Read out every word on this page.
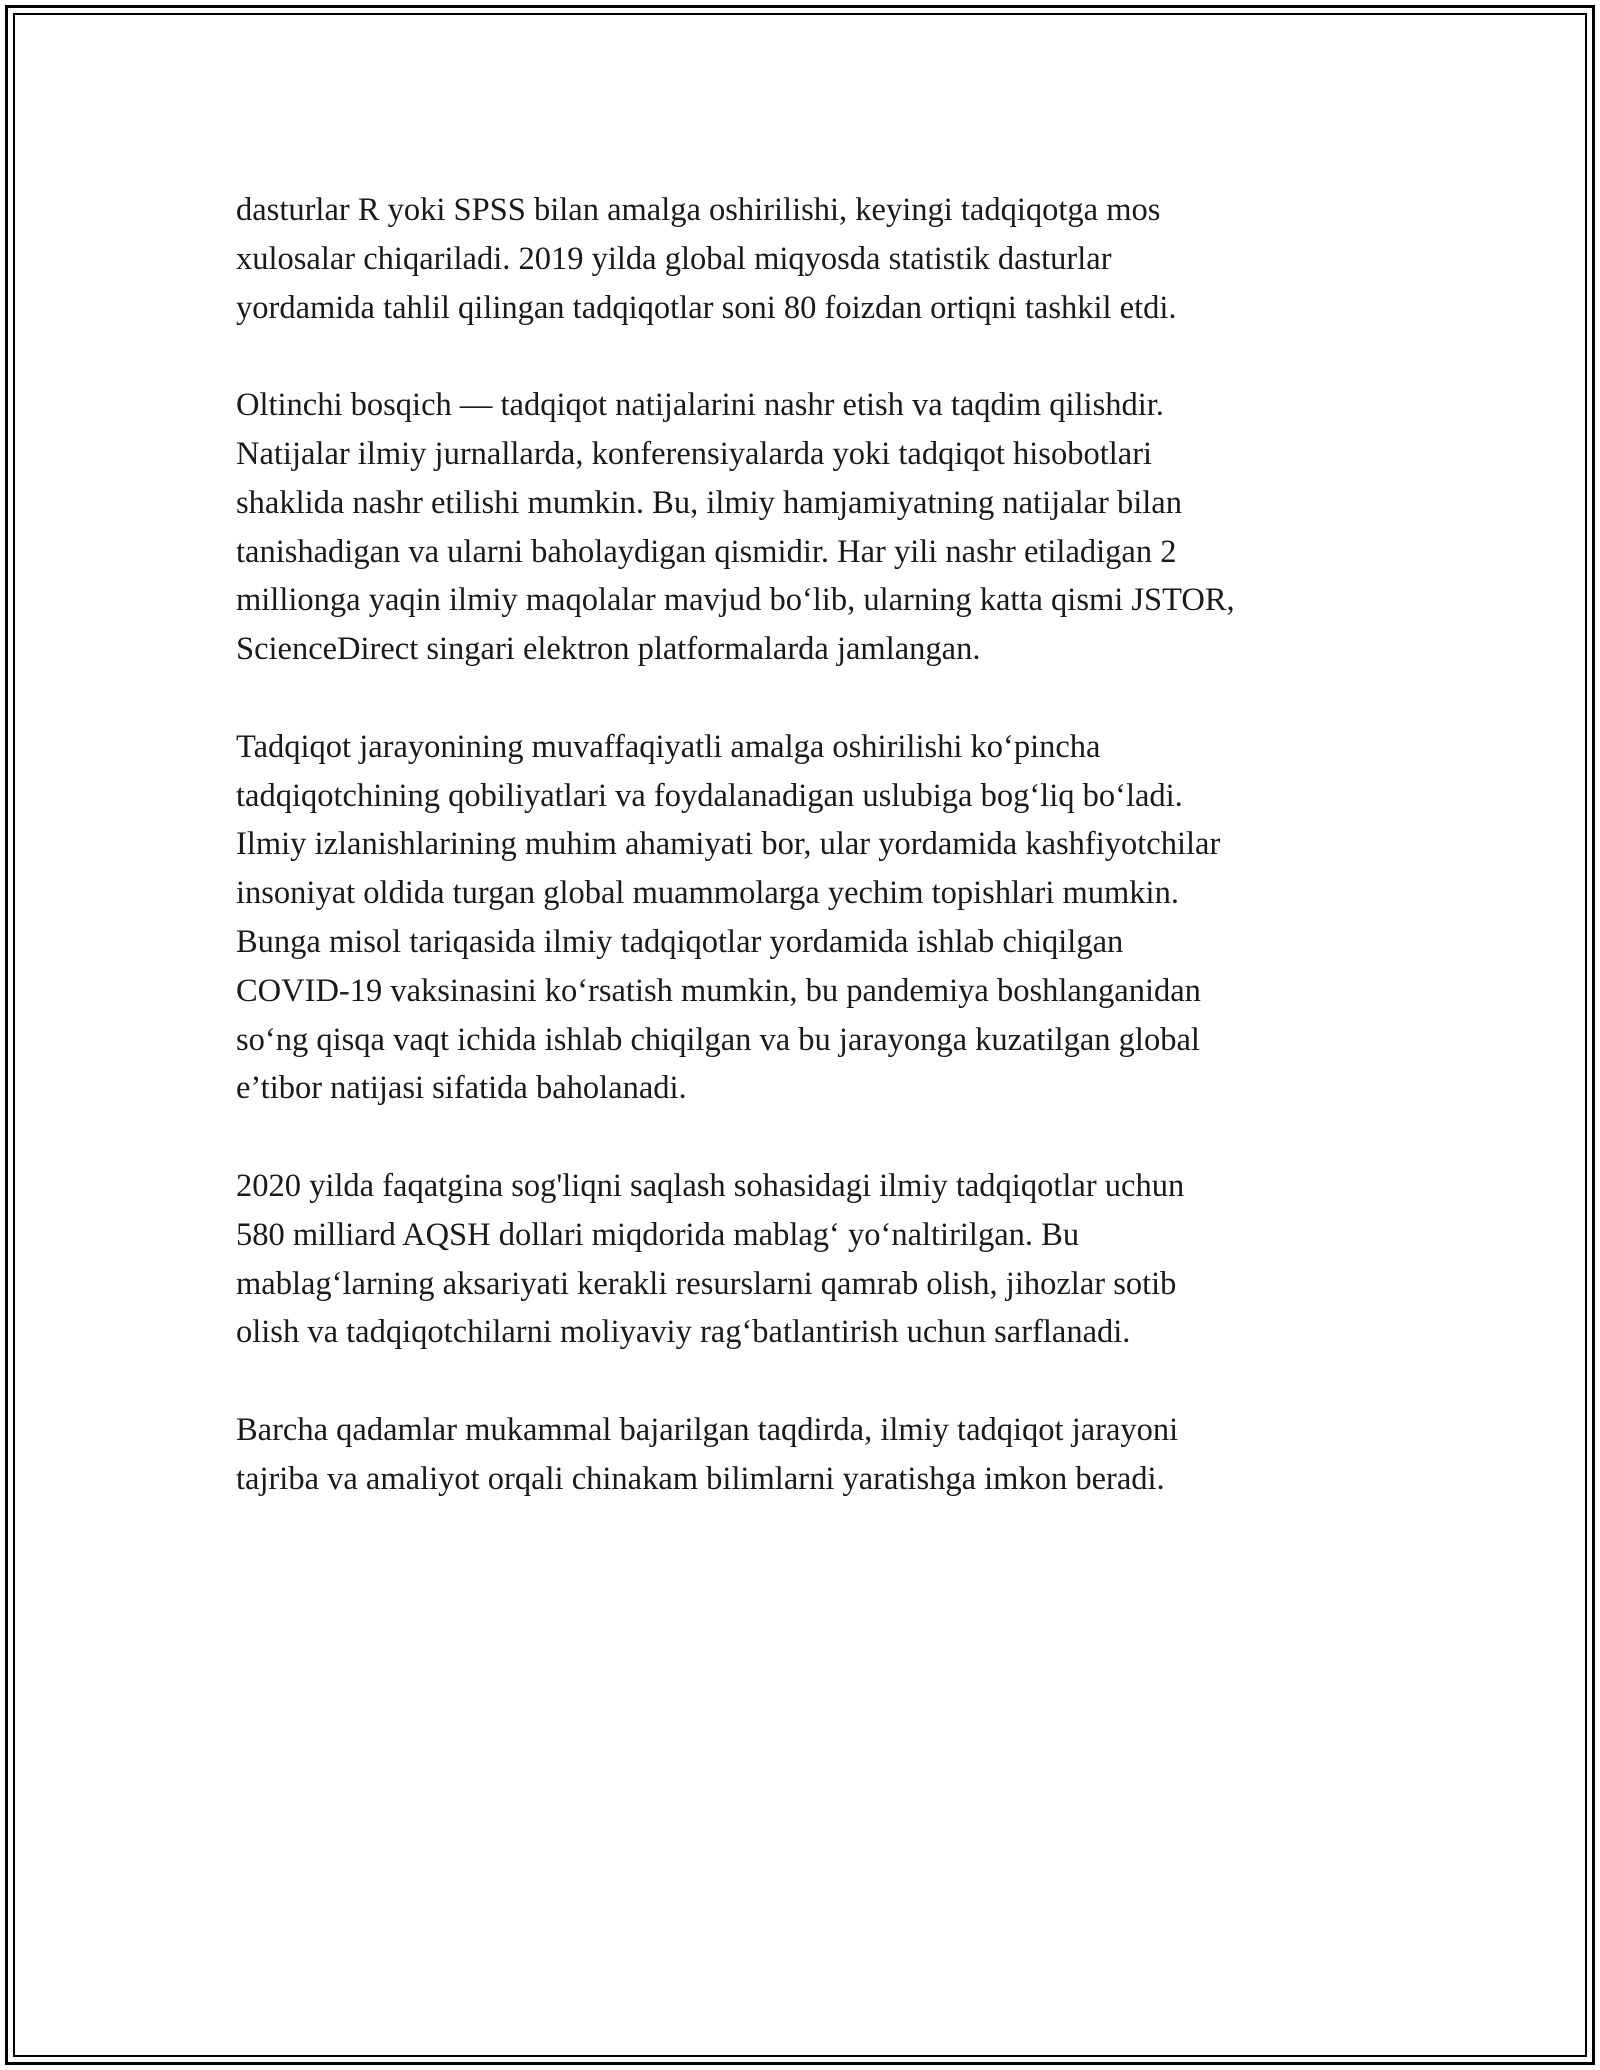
dasturlar R yoki SPSS bilan amalga oshirilishi, keyingi tadqiqotga mos
xulosalar chiqariladi. 2019 yilda global miqyosda statistik dasturlar
yordamida tahlil qilingan tadqiqotlar soni 80 foizdan ortiqni tashkil etdi.

Oltinchi bosqich — tadqiqot natijalarini nashr etish va taqdim qilishdir.
Natijalar ilmiy jurnallarda, konferensiyalarda yoki tadqiqot hisobotlari
shaklida nashr etilishi mumkin. Bu, ilmiy hamjamiyatning natijalar bilan
tanishadigan va ularni baholaydigan qismidir. Har yili nashr etiladigan 2
millionga yaqin ilmiy maqolalar mavjud bo‘lib, ularning katta qismi JSTOR,
ScienceDirect singari elektron platformalarda jamlangan.

Tadqiqot jarayonining muvaffaqiyatli amalga oshirilishi ko‘pincha
tadqiqotchining qobiliyatlari va foydalanadigan uslubiga bog‘liq bo‘ladi.
Ilmiy izlanishlarining muhim ahamiyati bor, ular yordamida kashfiyotchilar
insoniyat oldida turgan global muammolarga yechim topishlari mumkin.
Bunga misol tariqasida ilmiy tadqiqotlar yordamida ishlab chiqilgan
COVID-19 vaksinasini ko‘rsatish mumkin, bu pandemiya boshlanganidan
so‘ng qisqa vaqt ichida ishlab chiqilgan va bu jarayonga kuzatilgan global
e’tibor natijasi sifatida baholanadi.

2020 yilda faqatgina sog'liqni saqlash sohasidagi ilmiy tadqiqotlar uchun
580 milliard AQSH dollari miqdorida mablag‘ yo‘naltirilgan. Bu
mablag‘larning aksariyati kerakli resurslarni qamrab olish, jihozlar sotib
olish va tadqiqotchilarni moliyaviy rag‘batlantirish uchun sarflanadi.

Barcha qadamlar mukammal bajarilgan taqdirda, ilmiy tadqiqot jarayoni
tajriba va amaliyot orqali chinakam bilimlarni yaratishga imkon beradi.
